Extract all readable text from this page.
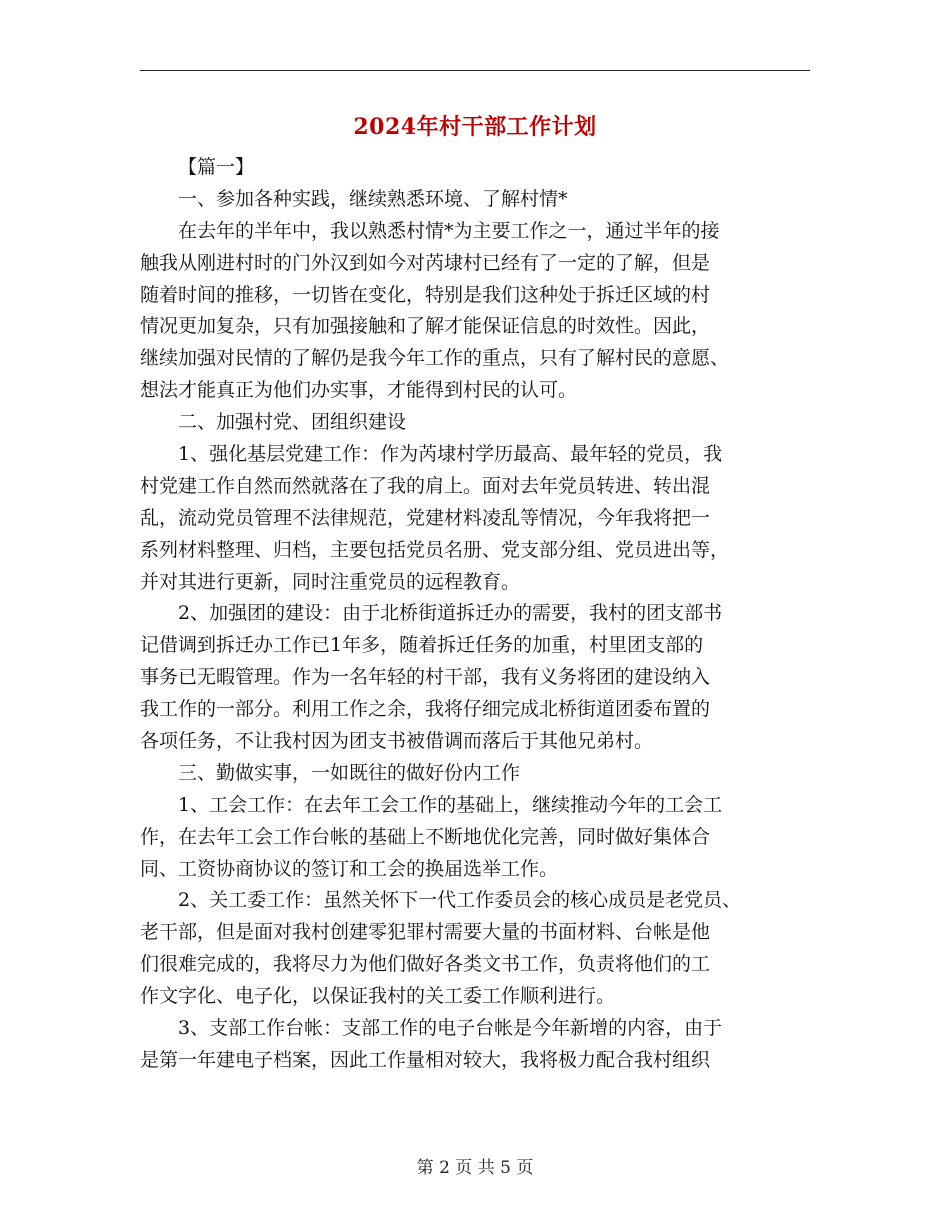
2024年村干部工作计划
【篇一】
一、参加各种实践，继续熟悉环境、了解村情*
在去年的半年中，我以熟悉村情*为主要工作之一，通过半年的接
触我从刚进村时的门外汉到如今对芮埭村已经有了一定的了解，但是
随着时间的推移，一切皆在变化，特别是我们这种处于拆迁区域的村
情况更加复杂，只有加强接触和了解才能保证信息的时效性。因此，
继续加强对民情的了解仍是我今年工作的重点，只有了解村民的意愿、
想法才能真正为他们办实事，才能得到村民的认可。
二、加强村党、团组织建设
1、强化基层党建工作：作为芮埭村学历最高、最年轻的党员，我
村党建工作自然而然就落在了我的肩上。面对去年党员转进、转出混
乱，流动党员管理不法律规范，党建材料凌乱等情况，今年我将把一
系列材料整理、归档，主要包括党员名册、党支部分组、党员进出等，
并对其进行更新，同时注重党员的远程教育。
2、加强团的建设：由于北桥街道拆迁办的需要，我村的团支部书
记借调到拆迁办工作已1年多，随着拆迁任务的加重，村里团支部的
事务已无暇管理。作为一名年轻的村干部，我有义务将团的建设纳入
我工作的一部分。利用工作之余，我将仔细完成北桥街道团委布置的
各项任务，不让我村因为团支书被借调而落后于其他兄弟村。
三、勤做实事，一如既往的做好份内工作
1、工会工作：在去年工会工作的基础上，继续推动今年的工会工
作，在去年工会工作台帐的基础上不断地优化完善，同时做好集体合
同、工资协商协议的签订和工会的换届选举工作。
2、关工委工作：虽然关怀下一代工作委员会的核心成员是老党员、
老干部，但是面对我村创建零犯罪村需要大量的书面材料、台帐是他
们很难完成的，我将尽力为他们做好各类文书工作，负责将他们的工
作文字化、电子化，以保证我村的关工委工作顺利进行。
3、支部工作台帐：支部工作的电子台帐是今年新增的内容，由于
是第一年建电子档案，因此工作量相对较大，我将极力配合我村组织
第 2 页 共 5 页
